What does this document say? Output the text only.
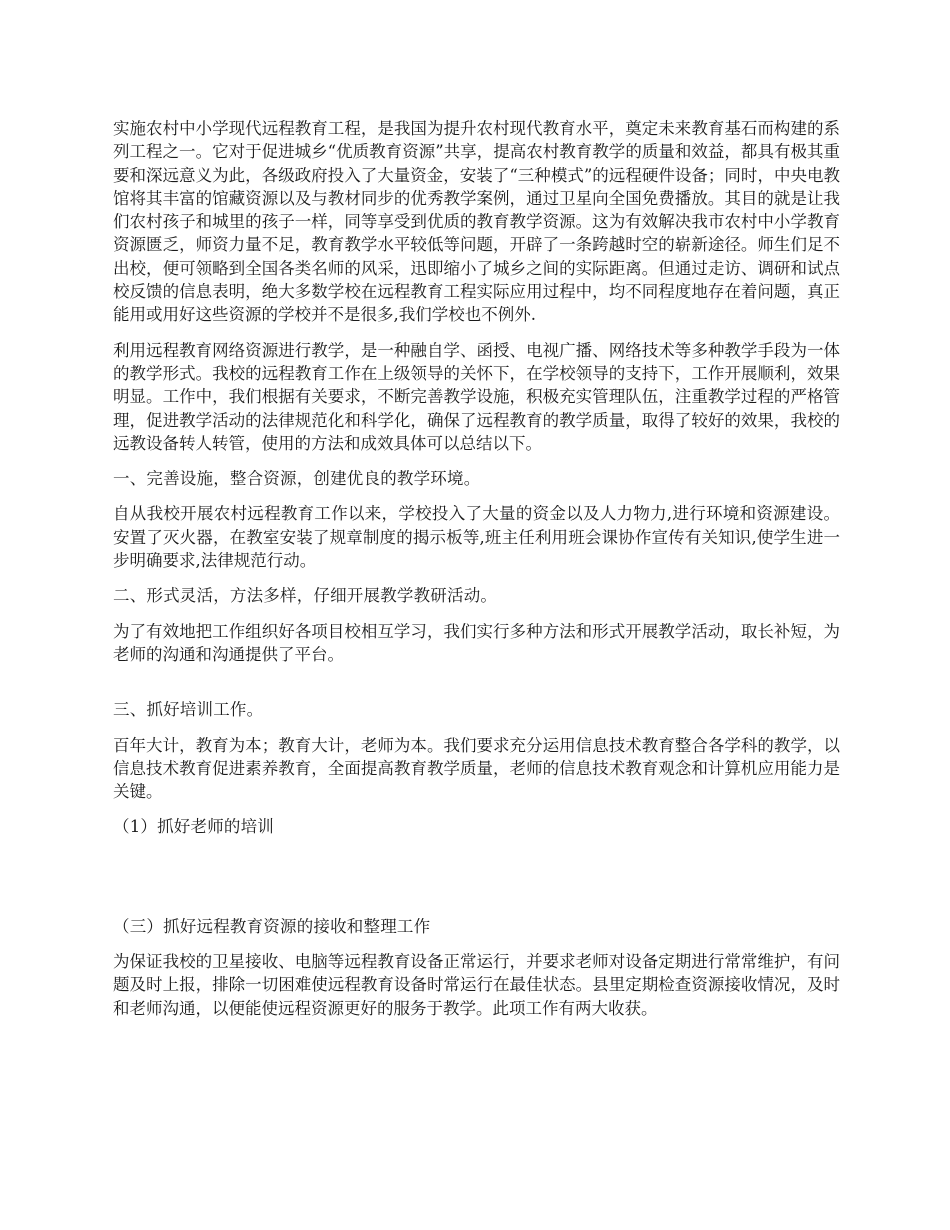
实施农村中小学现代远程教育工程，是我国为提升农村现代教育水平，奠定未来教育基石而构建的系列工程之一。它对于促进城乡“优质教育资源”共享，提高农村教育教学的质量和效益，都具有极其重要和深远意义为此，各级政府投入了大量资金，安装了“三种模式”的远程硬件设备；同时，中央电教馆将其丰富的馆藏资源以及与教材同步的优秀教学案例，通过卫星向全国免费播放。其目的就是让我们农村孩子和城里的孩子一样，同等享受到优质的教育教学资源。这为有效解决我市农村中小学教育资源匮乏，师资力量不足，教育教学水平较低等问题，开辟了一条跨越时空的崭新途径。师生们足不出校，便可领略到全国各类名师的风采，迅即缩小了城乡之间的实际距离。但通过走访、调研和试点校反馈的信息表明，绝大多数学校在远程教育工程实际应用过程中，均不同程度地存在着问题，真正能用或用好这些资源的学校并不是很多,我们学校也不例外.

利用远程教育网络资源进行教学，是一种融自学、函授、电视广播、网络技术等多种教学手段为一体的教学形式。我校的远程教育工作在上级领导的关怀下，在学校领导的支持下，工作开展顺利，效果明显。工作中，我们根据有关要求，不断完善教学设施，积极充实管理队伍，注重教学过程的严格管理，促进教学活动的法律规范化和科学化，确保了远程教育的教学质量，取得了较好的效果，我校的远教设备转人转管，使用的方法和成效具体可以总结以下。

一、完善设施，整合资源，创建优良的教学环境。

自从我校开展农村远程教育工作以来，学校投入了大量的资金以及人力物力,进行环境和资源建设。安置了灭火器，在教室安装了规章制度的揭示板等,班主任利用班会课协作宣传有关知识,使学生进一步明确要求,法律规范行动。

二、形式灵活，方法多样，仔细开展教学教研活动。

为了有效地把工作组织好各项目校相互学习，我们实行多种方法和形式开展教学活动，取长补短，为老师的沟通和沟通提供了平台。

三、抓好培训工作。

百年大计，教育为本；教育大计，老师为本。我们要求充分运用信息技术教育整合各学科的教学，以信息技术教育促进素养教育，全面提高教育教学质量，老师的信息技术教育观念和计算机应用能力是关键。

（1）抓好老师的培训

（三）抓好远程教育资源的接收和整理工作

为保证我校的卫星接收、电脑等远程教育设备正常运行，并要求老师对设备定期进行常常维护，有问题及时上报，排除一切困难使远程教育设备时常运行在最佳状态。县里定期检查资源接收情况，及时和老师沟通，以便能使远程资源更好的服务于教学。此项工作有两大收获。
